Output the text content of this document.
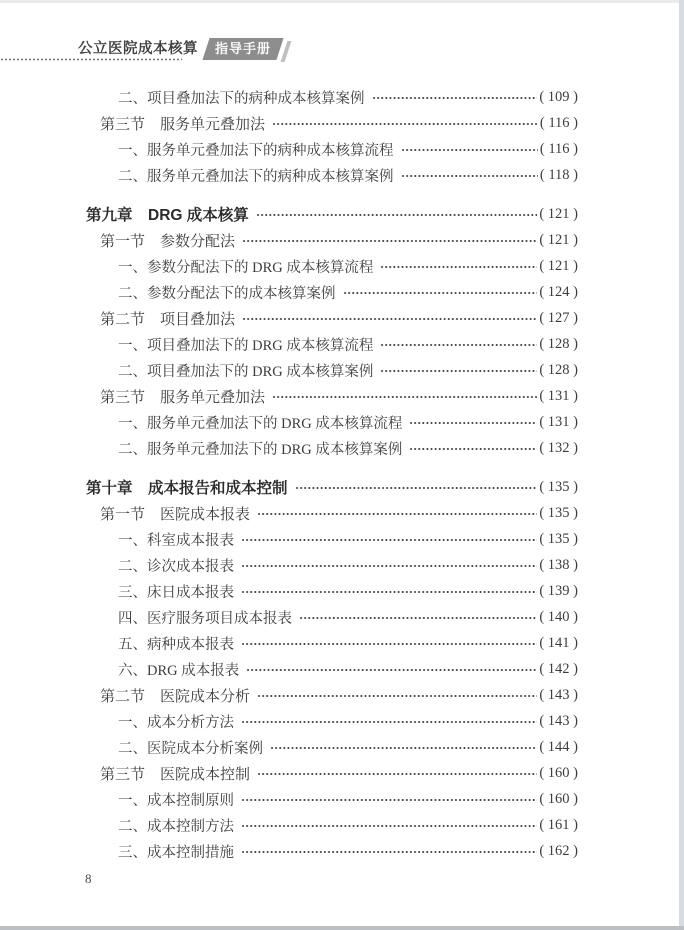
公立医院成本核算	指导手册
二、项目叠加法下的病种成本核算案例	( 109 )
第三节　服务单元叠加法	( 116 )
一、服务单元叠加法下的病种成本核算流程	( 116 )
二、服务单元叠加法下的病种成本核算案例	( 118 )
第九章　DRG 成本核算	( 121 )
第一节　参数分配法	( 121 )
一、参数分配法下的 DRG 成本核算流程	( 121 )
二、参数分配法下的成本核算案例	( 124 )
第二节　项目叠加法	( 127 )
一、项目叠加法下的 DRG 成本核算流程	( 128 )
二、项目叠加法下的 DRG 成本核算案例	( 128 )
第三节　服务单元叠加法	( 131 )
一、服务单元叠加法下的 DRG 成本核算流程	( 131 )
二、服务单元叠加法下的 DRG 成本核算案例	( 132 )
第十章　成本报告和成本控制	( 135 )
第一节　医院成本报表	( 135 )
一、科室成本报表	( 135 )
二、诊次成本报表	( 138 )
三、床日成本报表	( 139 )
四、医疗服务项目成本报表	( 140 )
五、病种成本报表	( 141 )
六、DRG 成本报表	( 142 )
第二节　医院成本分析	( 143 )
一、成本分析方法	( 143 )
二、医院成本分析案例	( 144 )
第三节　医院成本控制	( 160 )
一、成本控制原则	( 160 )
二、成本控制方法	( 161 )
三、成本控制措施	( 162 )
8
